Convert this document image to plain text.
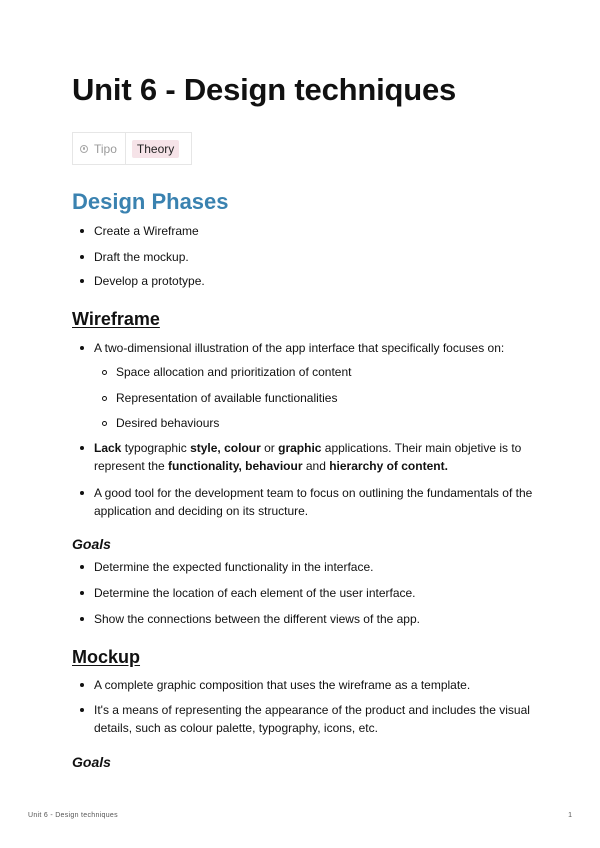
Unit 6 - Design techniques
Tipo	Theory
Design Phases
Create a Wireframe
Draft the mockup.
Develop a prototype.
Wireframe
A two-dimensional illustration of the app interface that specifically focuses on:
Space allocation and prioritization of content
Representation of available functionalities
Desired behaviours
Lack typographic style, colour or graphic applications. Their main objetive is to represent the functionality, behaviour and hierarchy of content.
A good tool for the development team to focus on outlining the fundamentals of the application and deciding on its structure.
Goals
Determine the expected functionality in the interface.
Determine the location of each element of the user interface.
Show the connections between the different views of the app.
Mockup
A complete graphic composition that uses the wireframe as a template.
It's a means of representing the appearance of the product and includes the visual details, such as colour palette, typography, icons, etc.
Goals
Unit 6 - Design techniques	1
